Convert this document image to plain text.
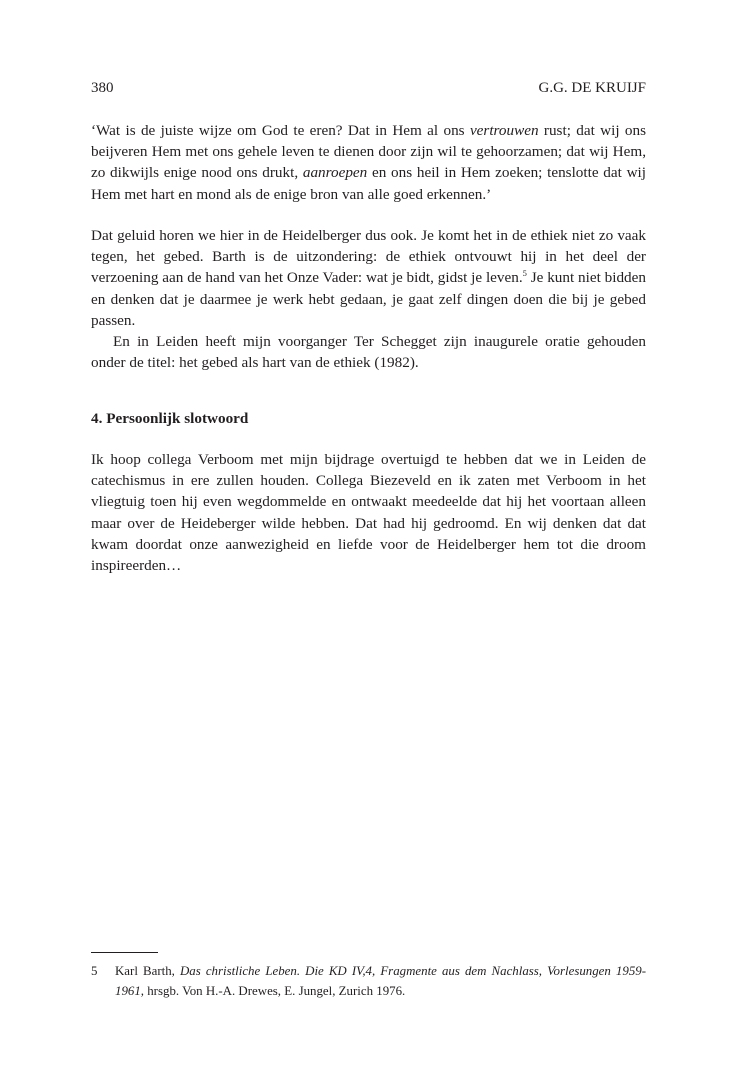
380	G.G. DE KRUIJF

‘Wat is de juiste wijze om God te eren? Dat in Hem al ons vertrouwen rust; dat wij ons beijveren Hem met ons gehele leven te dienen door zijn wil te gehoorzamen; dat wij Hem, zo dikwijls enige nood ons drukt, aanroepen en ons heil in Hem zoeken; tenslotte dat wij Hem met hart en mond als de enige bron van alle goed erkennen.’

Dat geluid horen we hier in de Heidelberger dus ook. Je komt het in de ethiek niet zo vaak tegen, het gebed. Barth is de uitzondering: de ethiek ontvouwt hij in het deel der verzoening aan de hand van het Onze Vader: wat je bidt, gidst je leven.$^5$ Je kunt niet bidden en denken dat je daarmee je werk hebt gedaan, je gaat zelf dingen doen die bij je gebed passen.

En in Leiden heeft mijn voorganger Ter Schegget zijn inaugurele oratie gehouden onder de titel: het gebed als hart van de ethiek (1982).

4. Persoonlijk slotwoord

Ik hoop collega Verboom met mijn bijdrage overtuigd te hebben dat we in Leiden de catechismus in ere zullen houden. Collega Biezeveld en ik zaten met Verboom in het vliegtuig toen hij even wegdommelde en ontwaakt meedeelde dat hij het voortaan alleen maar over de Heideberger wilde hebben. Dat had hij gedroomd. En wij denken dat dat kwam doordat onze aanwezigheid en liefde voor de Heidelberger hem tot die droom inspireerden…

5 Karl Barth, Das christliche Leben. Die KD IV,4, Fragmente aus dem Nachlass, Vorlesungen 1959-1961, hrsgb. Von H.-A. Drewes, E. Jungel, Zurich 1976.
